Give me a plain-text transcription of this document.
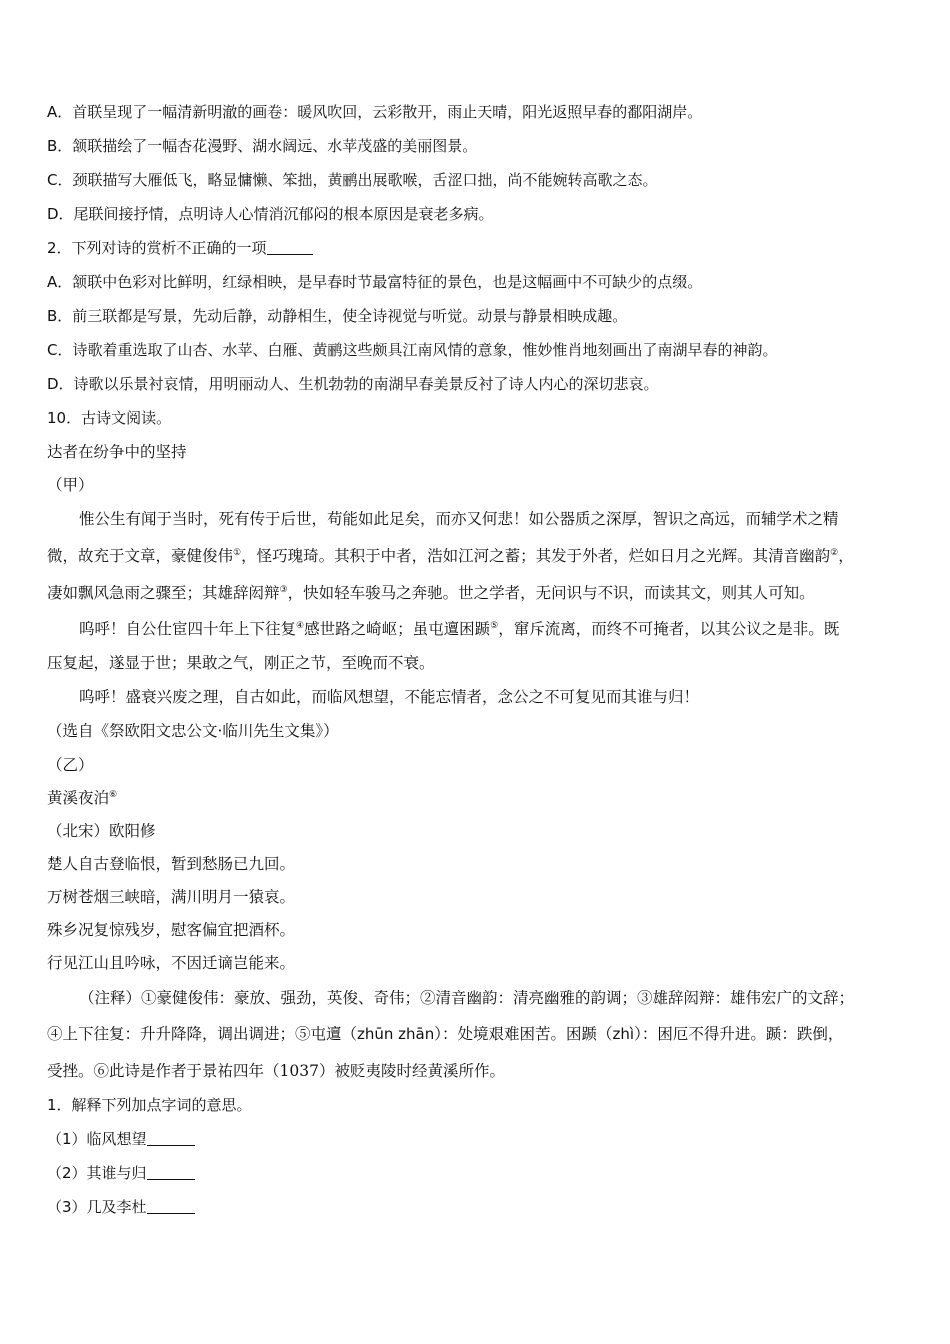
A．首联呈现了一幅清新明澈的画卷：暖风吹回，云彩散开，雨止天晴，阳光返照早春的鄱阳湖岸。
B．颔联描绘了一幅杏花漫野、湖水阔远、水苹茂盛的美丽图景。
C．颈联描写大雁低飞，略显慵懒、笨拙，黄鹂出展歌喉，舌涩口拙，尚不能婉转高歌之态。
D．尾联间接抒情，点明诗人心情消沉郁闷的根本原因是衰老多病。
2．下列对诗的赏析不正确的一项
A．颔联中色彩对比鲜明，红绿相映，是早春时节最富特征的景色，也是这幅画中不可缺少的点缀。
B．前三联都是写景，先动后静，动静相生，使全诗视觉与听觉。动景与静景相映成趣。
C．诗歌着重选取了山杏、水苹、白雁、黄鹂这些颇具江南风情的意象，惟妙惟肖地刻画出了南湖早春的神韵。
D．诗歌以乐景衬哀情，用明丽动人、生机勃勃的南湖早春美景反衬了诗人内心的深切悲哀。
10．古诗文阅读。
达者在纷争中的坚持
（甲）
惟公生有闻于当时，死有传于后世，苟能如此足矣，而亦又何悲！如公器质之深厚，智识之高远，而辅学术之精
微，故充于文章，豪健俊伟①，怪巧瑰琦。其积于中者，浩如江河之蓄；其发于外者，烂如日月之光辉。其清音幽韵②，
凄如飘风急雨之骤至；其雄辞闳辩③，快如轻车骏马之奔驰。世之学者，无问识与不识，而读其文，则其人可知。
呜呼！自公仕宦四十年上下往复④感世路之崎岖；虽屯邅困踬⑤，窜斥流离，而终不可掩者，以其公议之是非。既
压复起，遂显于世；果敢之气，刚正之节，至晚而不衰。
呜呼！盛衰兴废之理，自古如此，而临风想望，不能忘情者，念公之不可复见而其谁与归！
（选自《祭欧阳文忠公文·临川先生文集》）
（乙）
黄溪夜泊⑥
（北宋）欧阳修
楚人自古登临恨，暂到愁肠已九回。
万树苍烟三峡暗，满川明月一猿哀。
殊乡况复惊残岁，慰客偏宜把酒杯。
行见江山且吟咏，不因迁谪岂能来。
（注释）①豪健俊伟：豪放、强劲，英俊、奇伟；②清音幽韵：清亮幽雅的韵调；③雄辞闳辩：雄伟宏广的文辞；
④上下往复：升升降降，调出调进；⑤屯邅（zhūn zhān）：处境艰难困苦。困踬（zhì）：困厄不得升进。踬：跌倒，
受挫。⑥此诗是作者于景祐四年（1037）被贬夷陵时经黄溪所作。
1．解释下列加点字词的意思。
（1）临风想望
（2）其谁与归
（3）几及李杜
